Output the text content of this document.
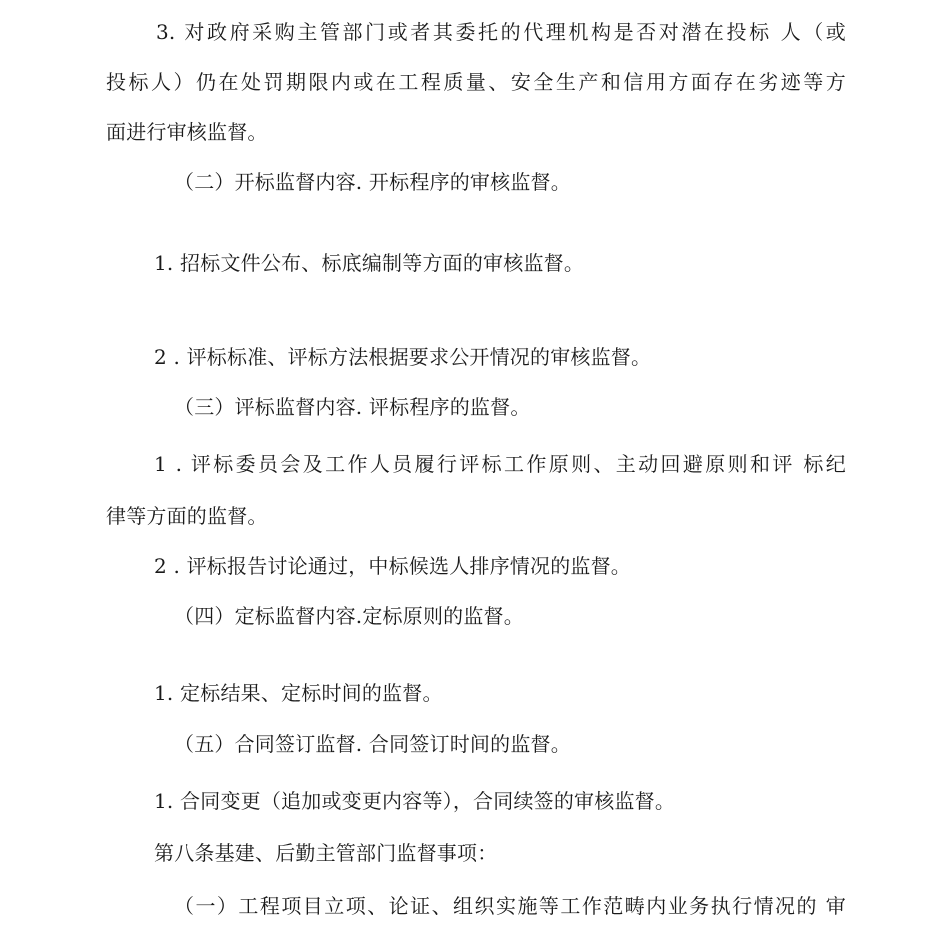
3. 对政府采购主管部门或者其委托的代理机构是否对潜在投标 人（或
投标人）仍在处罚期限内或在工程质量、安全生产和信用方面存在劣迹等方
面进行审核监督。
（二）开标监督内容. 开标程序的审核监督。
1. 招标文件公布、标底编制等方面的审核监督。
2 . 评标标准、评标方法根据要求公开情况的审核监督。
（三）评标监督内容. 评标程序的监督。
1 . 评标委员会及工作人员履行评标工作原则、主动回避原则和评 标纪
律等方面的监督。
2 . 评标报告讨论通过，中标候选人排序情况的监督。
（四）定标监督内容.定标原则的监督。
1. 定标结果、定标时间的监督。
（五）合同签订监督. 合同签订时间的监督。
1. 合同变更（追加或变更内容等），合同续签的审核监督。
第八条基建、后勤主管部门监督事项：
（一）工程项目立项、论证、组织实施等工作范畴内业务执行情况的 审
